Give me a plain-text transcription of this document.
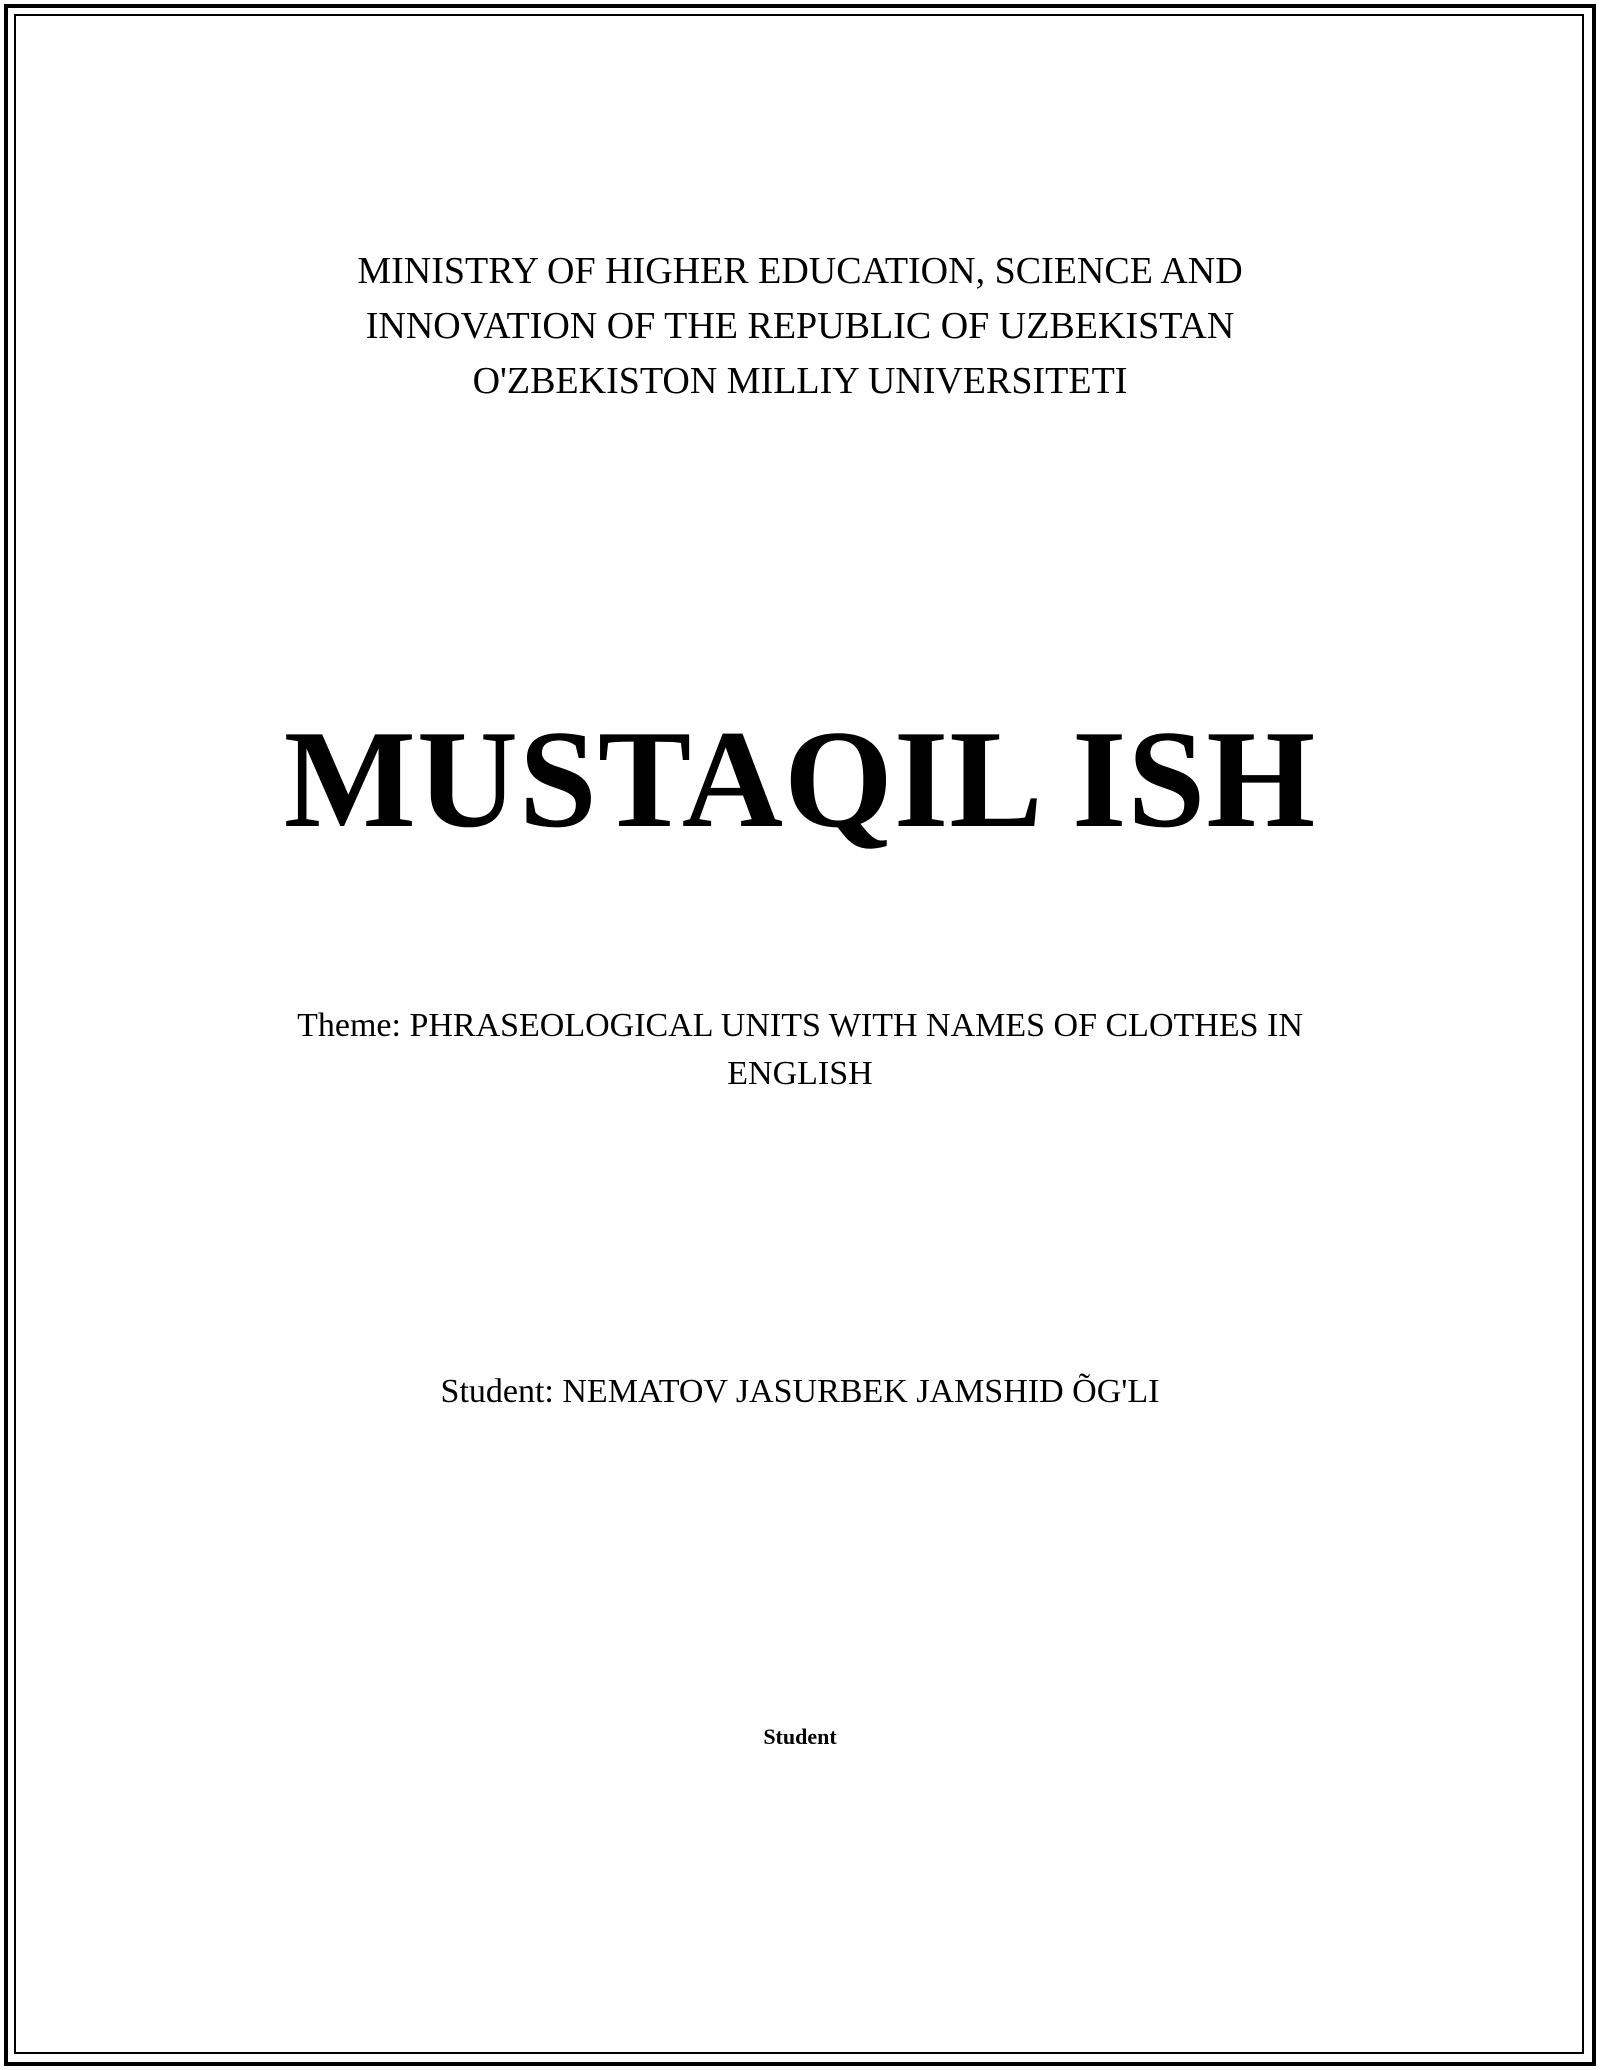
MINISTRY OF HIGHER EDUCATION, SCIENCE AND
INNOVATION OF THE REPUBLIC OF UZBEKISTAN
O'ZBEKISTON MILLIY UNIVERSITETI
MUSTAQIL ISH
Theme: PHRASEOLOGICAL UNITS WITH NAMES OF CLOTHES IN ENGLISH
Student: NEMATOV JASURBEK JAMSHID ÕG'LI
Student
